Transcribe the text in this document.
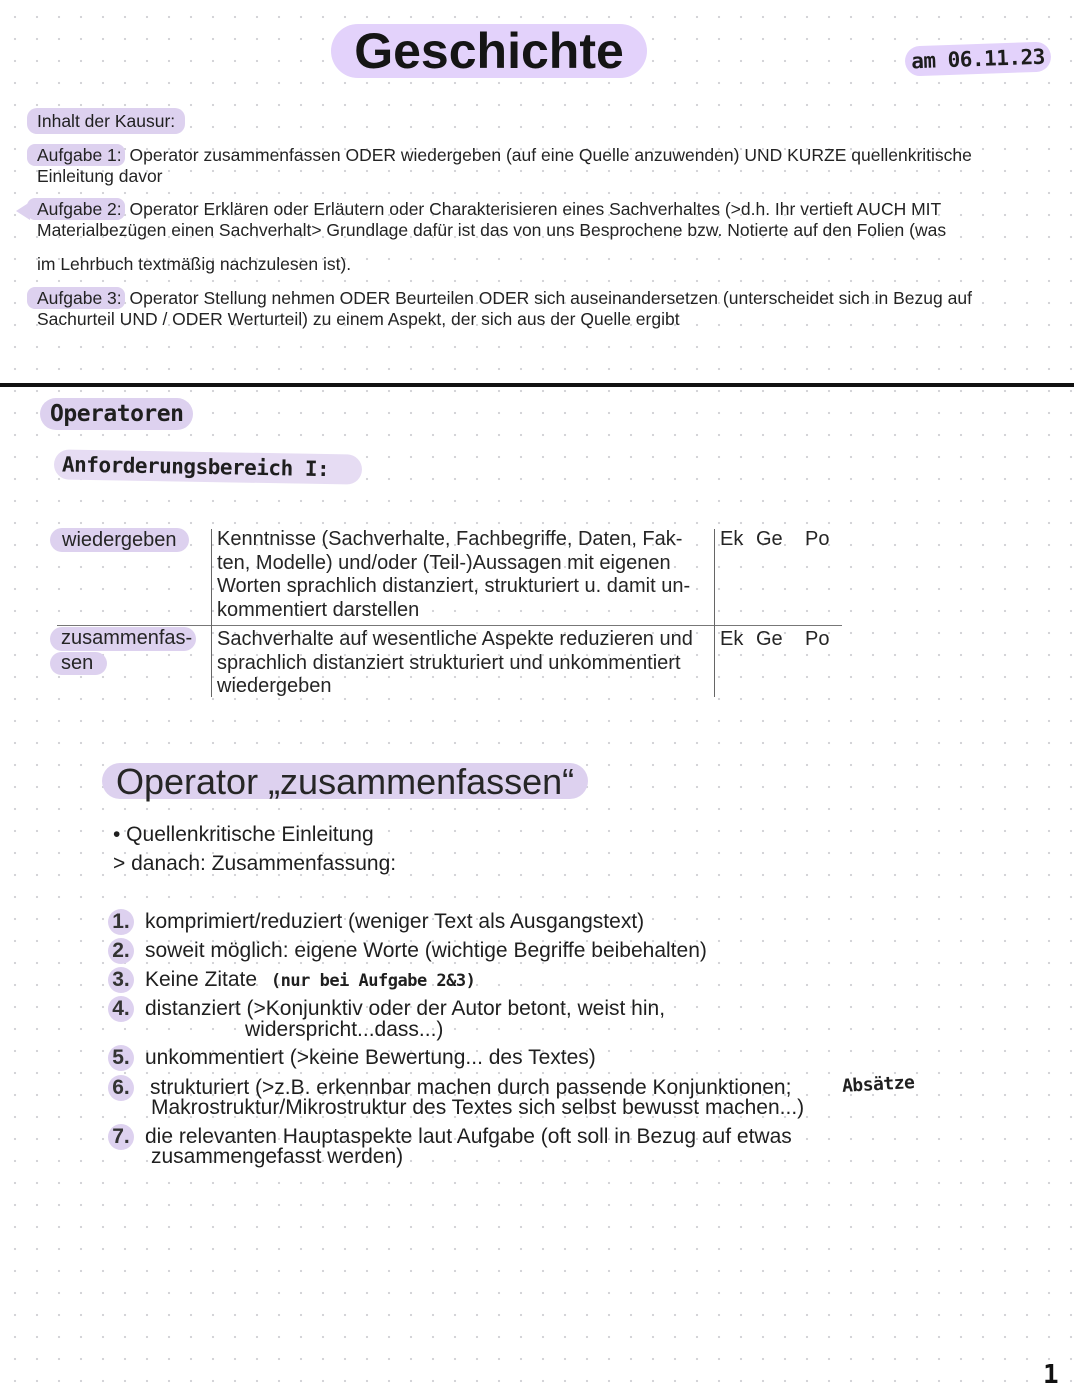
Geschichte	am 06.11.23
Inhalt der Kausur:
Aufgabe 1: Operator zusammenfassen ODER wiedergeben (auf eine Quelle anzuwenden) UND KURZE quellenkritische
Einleitung davor
Aufgabe 2: Operator Erklären oder Erläutern oder Charakterisieren eines Sachverhaltes (>d.h. Ihr vertieft AUCH MIT
Materialbezügen einen Sachverhalt> Grundlage dafür ist das von uns Besprochene bzw. Notierte auf den Folien (was
im Lehrbuch textmäßig nachzulesen ist).
Aufgabe 3: Operator Stellung nehmen ODER Beurteilen ODER sich auseinandersetzen (unterscheidet sich in Bezug auf
Sachurteil UND / ODER Werturteil) zu einem Aspekt, der sich aus der Quelle ergibt
Operatoren
Anforderungsbereich I:
wiedergeben	Kenntnisse (Sachverhalte, Fachbegriffe, Daten, Fak-
ten, Modelle) und/oder (Teil-)Aussagen mit eigenen
Worten sprachlich distanziert, strukturiert u. damit un-
kommentiert darstellen
Ek Ge Po
zusammenfas-
sen
Sachverhalte auf wesentliche Aspekte reduzieren und
sprachlich distanziert strukturiert und unkommentiert
wiedergeben
Ek Ge Po
Operator „zusammenfassen“
• Quellenkritische Einleitung
> danach: Zusammenfassung:
1. komprimiert/reduziert (weniger Text als Ausgangstext)
2. soweit möglich: eigene Worte (wichtige Begriffe beibehalten)
3. Keine Zitate (nur bei Aufgabe 2&3)
4. distanziert (>Konjunktiv oder der Autor betont, weist hin,
widerspricht...dass...)
5. unkommentiert (>keine Bewertung... des Textes)
6. strukturiert (>z.B. erkennbar machen durch passende Konjunktionen;
Makrostruktur/Mikrostruktur des Textes sich selbst bewusst machen...)
Absätze
7. die relevanten Hauptaspekte laut Aufgabe (oft soll in Bezug auf etwas
zusammengefasst werden)
1
